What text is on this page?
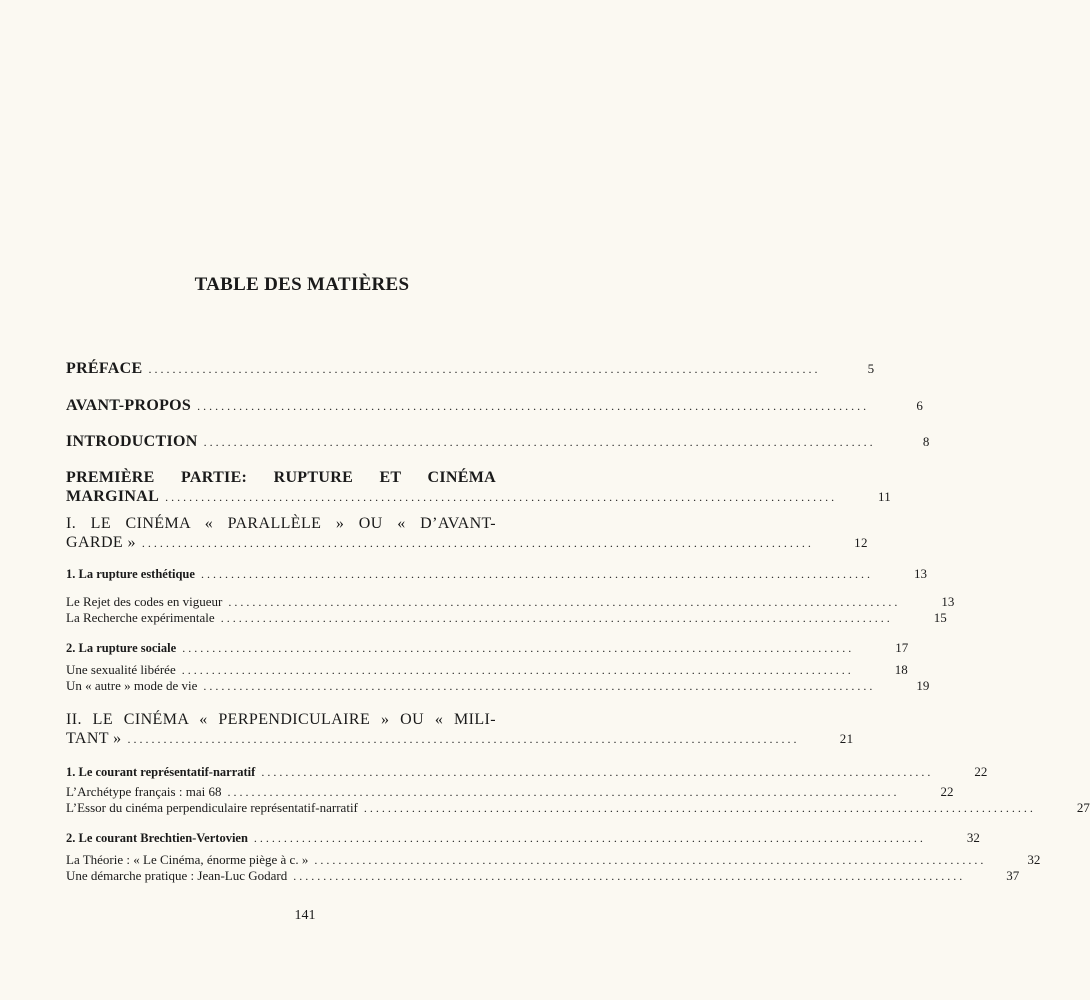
TABLE DES MATIÈRES
PRÉFACE ................................................................................................................	5
AVANT-PROPOS ................................................................................................................	6
INTRODUCTION ................................................................................................................	8
PREMIÈRE PARTIE: RUPTURE ET CINÉMA
MARGINAL ................................................................................................................	11
I. LE CINÉMA « PARALLÈLE » OU « D’AVANT-
GARDE » ................................................................................................................	12
1. La rupture esthétique ................................................................................................................	13
Le Rejet des codes en vigueur ................................................................................................................	13
La Recherche expérimentale ................................................................................................................	15
2. La rupture sociale ................................................................................................................	17
Une sexualité libérée ................................................................................................................	18
Un « autre » mode de vie ................................................................................................................	19
II. LE CINÉMA « PERPENDICULAIRE » OU « MILI-
TANT » ................................................................................................................	21
1. Le courant représentatif-narratif ................................................................................................................	22
L’Archétype français : mai 68 ................................................................................................................	22
L’Essor du cinéma perpendiculaire représentatif-narratif ................................................................................................................	27
2. Le courant Brechtien-Vertovien ................................................................................................................	32
La Théorie : « Le Cinéma, énorme piège à c. » ................................................................................................................	32
Une démarche pratique : Jean-Luc Godard ................................................................................................................	37
141
